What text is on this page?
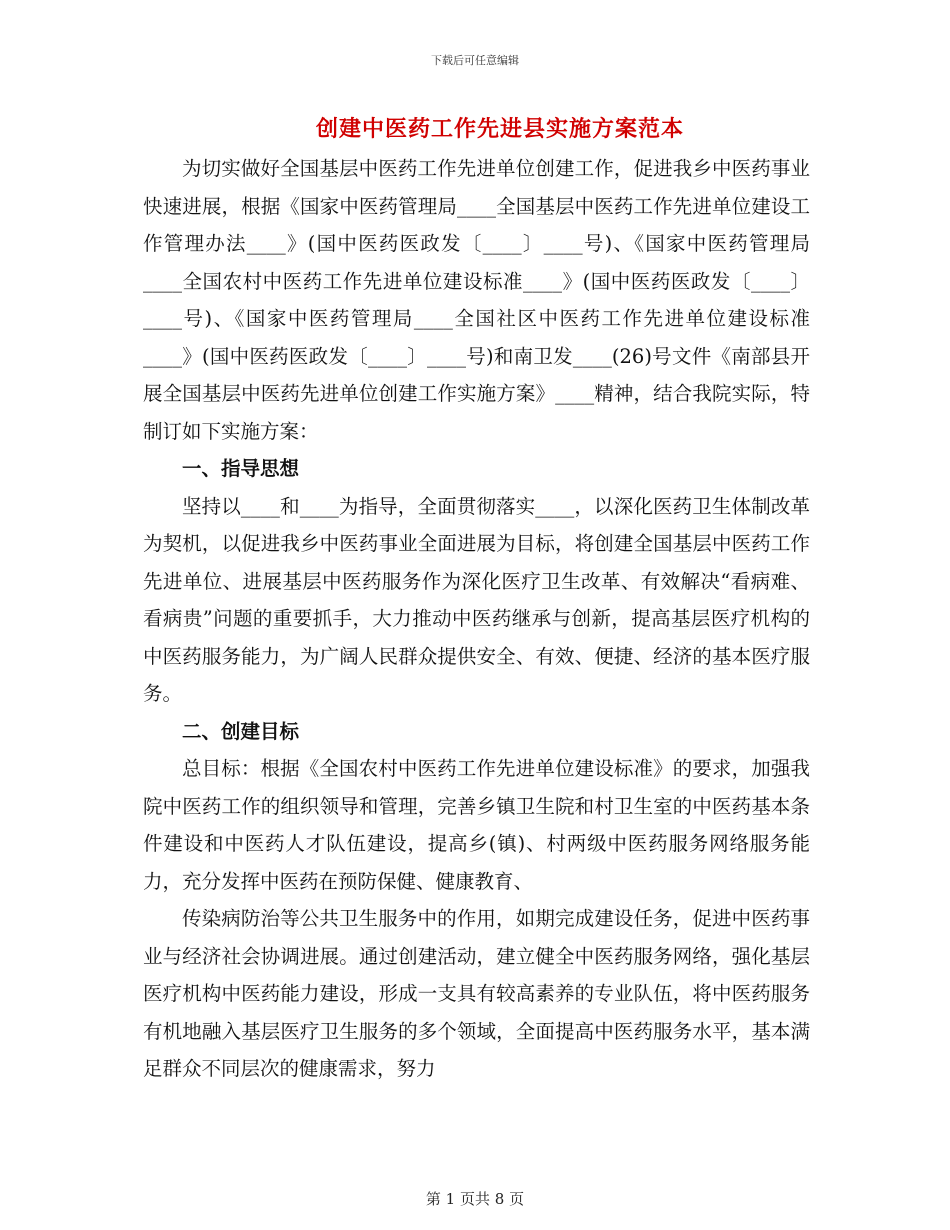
下载后可任意编辑
创建中医药工作先进县实施方案范本

为切实做好全国基层中医药工作先进单位创建工作，促进我乡中医药事业快速进展，根据《国家中医药管理局____全国基层中医药工作先进单位建设工作管理办法____》(国中医药医政发〔____〕____号)、《国家中医药管理局____全国农村中医药工作先进单位建设标准____》(国中医药医政发〔____〕____号)、《国家中医药管理局____全国社区中医药工作先进单位建设标准____》(国中医药医政发〔____〕____号)和南卫发____(26)号文件《南部县开展全国基层中医药先进单位创建工作实施方案》____精神，结合我院实际，特制订如下实施方案：

一、指导思想

坚持以____和____为指导，全面贯彻落实____，以深化医药卫生体制改革为契机，以促进我乡中医药事业全面进展为目标，将创建全国基层中医药工作先进单位、进展基层中医药服务作为深化医疗卫生改革、有效解决“看病难、看病贵”问题的重要抓手，大力推动中医药继承与创新，提高基层医疗机构的中医药服务能力，为广阔人民群众提供安全、有效、便捷、经济的基本医疗服务。

二、创建目标

总目标：根据《全国农村中医药工作先进单位建设标准》的要求，加强我院中医药工作的组织领导和管理，完善乡镇卫生院和村卫生室的中医药基本条件建设和中医药人才队伍建设，提高乡(镇)、村两级中医药服务网络服务能力，充分发挥中医药在预防保健、健康教育、

传染病防治等公共卫生服务中的作用，如期完成建设任务，促进中医药事业与经济社会协调进展。通过创建活动，建立健全中医药服务网络，强化基层医疗机构中医药能力建设，形成一支具有较高素养的专业队伍，将中医药服务有机地融入基层医疗卫生服务的多个领域，全面提高中医药服务水平，基本满足群众不同层次的健康需求，努力

第 1 页共 8 页
